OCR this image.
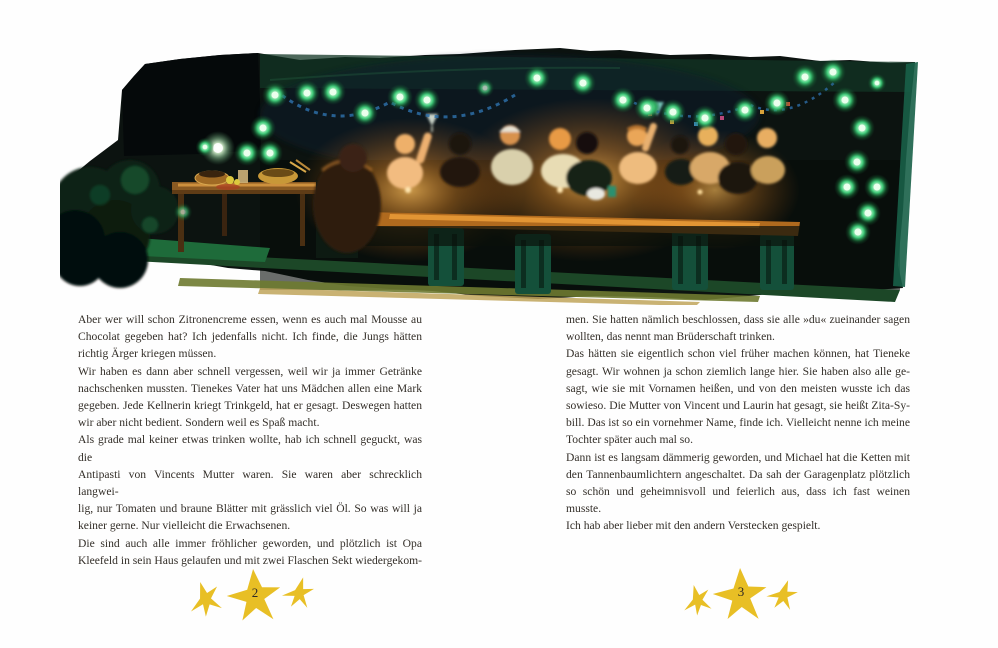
Aber wer will schon Zitronencreme essen, wenn es auch mal Mousse au
Chocolat gegeben hat? Ich jedenfalls nicht. Ich finde, die Jungs hätten
richtig Ärger kriegen müssen.
Wir haben es dann aber schnell vergessen, weil wir ja immer Getränke
nachschenken mussten. Tienekes Vater hat uns Mädchen allen eine Mark
gegeben. Jede Kellnerin kriegt Trinkgeld, hat er gesagt. Deswegen hatten
wir aber nicht bedient. Sondern weil es Spaß macht.
Als grade mal keiner etwas trinken wollte, hab ich schnell geguckt, was die
Antipasti von Vincents Mutter waren. Sie waren aber schrecklich langwei-
lig, nur Tomaten und braune Blätter mit grässlich viel Öl. So was will ja
keiner gerne. Nur vielleicht die Erwachsenen.
Die sind auch alle immer fröhlicher geworden, und plötzlich ist Opa
Kleefeld in sein Haus gelaufen und mit zwei Flaschen Sekt wiedergekom-
men. Sie hatten nämlich beschlossen, dass sie alle »du« zueinander sagen
wollten, das nennt man Brüderschaft trinken.
Das hätten sie eigentlich schon viel früher machen können, hat Tieneke
gesagt. Wir wohnen ja schon ziemlich lange hier. Sie haben also alle ge-
sagt, wie sie mit Vornamen heißen, und von den meisten wusste ich das
sowieso. Die Mutter von Vincent und Laurin hat gesagt, sie heißt Zita-Sy-
bill. Das ist so ein vornehmer Name, finde ich. Vielleicht nenne ich meine
Tochter später auch mal so.
Dann ist es langsam dämmerig geworden, und Michael hat die Ketten mit
den Tannenbaumlichtern angeschaltet. Da sah der Garagenplatz plötzlich
so schön und geheimnisvoll und feierlich aus, dass ich fast weinen musste.
Ich hab aber lieber mit den andern Verstecken gespielt.
2	3
